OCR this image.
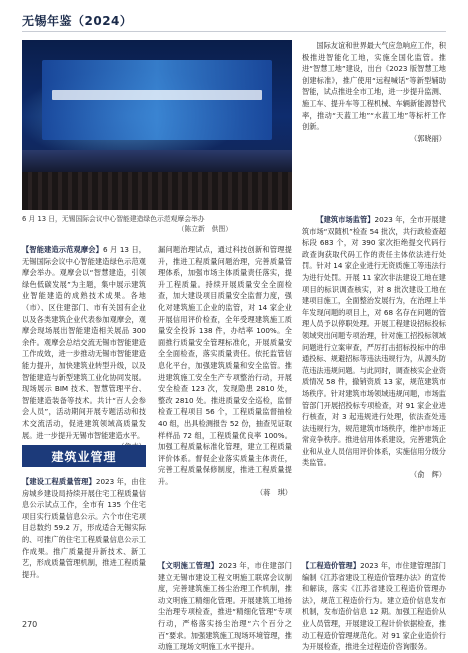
无锡年鉴（2024）
6 月 13 日，无锡国际会议中心智能建造绿色示范观摩会举办
（陈立新　供图）

国际友谊和世界最大气应急响应工作，积极推进智能化工地，实施全国化监管。推进“智慧工地”建设，出台《2023 版智慧工地创建标准》，推广使用“远程喊话”等新型辅助智能，试点推进全市工地，进一步提升监测、施工车、提升车等工程机械、车辆新能源替代率，推动“天蓝工地”“水蓝工地”等标杆工作创新。

（郭晓丽）

【建筑市场监管】2023 年，全市开展建筑市场“双随机”检查 54 批次，共行政检查超标段 683 个，对 390 家次拒绝提交代码行政查询获取代码工作的责任主体依法进行处罚。针对 14 家企业进行无资质施工等违法行为进行处罚。开展 11 家次非法建设工地在建项目的标识调查核实，对 8 批次建设工地在建项目施工，全面整治发展行为，在治理上半年发现问题的项目上，对 68 名存在问题的管理人员予以停职处理。开展工程建设招标投标领域突出问题专项治理，针对施工招投标领域问题进行立案审查，严厉打击招标投标中的串通投标、规避招标等违法违规行为，从源头防范违法违规问题。与此同时，调查核实企业资质情况 58 件，撤销资质 13 家，规范建筑市场秩序。针对建筑市场领域违规问题，市场监管部门开展招投标专项检查，对 91 家企业进行核查，对 3 起违规进行处理，依法查处违法违规行为，规范建筑市场秩序，维护市场正常竞争秩序。推进信用体系建设，完善建筑企业和从业人员信用评价体系，实施信用分级分类监管。

（俞　辉）

【智能建造示范观摩会】6 月 13 日，无锡国际会议中心智能建造绿色示范观摩会举办。观摩会以“智慧建造，引领绿色低碳发展”为主题，集中展示建筑业智能建造的成熟技术成果。各地（市）、区住建部门、市有关国有企业以及各类建筑企业代表参加观摩会，观摩会现场展出智能建造相关展品 300 余件。观摩会总结交流无锡市智能建造工作成效，进一步推动无锡市智能建造能力提升，加快建筑业转型升级，以及智能建造与新型建筑工业化协同发展。现场展示 BIM 技术、智慧管理平台、智能建造装备等技术。共计“百人会参会人员”，活动期间开展专题活动和技术交流活动，促进建筑领域高质量发展。进一步提升无锡市智能建造水平。

漏问题治理试点，通过科技创新和管理提升，推进工程质量问题治理，完善质量管理体系，加强市场主体质量责任落实，提升工程质量。持续开展质量安全全面检查，加大建设项目质量安全监督力度，强化对建筑施工企业的监管，对 14 家企业开展信用评价检查，全年受理建筑施工质量安全投诉 138 件，办结率 100%。全面推行质量安全管理标准化，开展质量安全全面检查，落实质量责任。依托监管信息化平台，加强建筑质量和安全监管。推进建筑施工安全生产专项整治行动，开展安全检查 123 次，发现隐患 2810 处，整改 2810 处。推进质量安全巡检，监督检查工程项目 56 个，工程质量监督抽检 40 组，出具检测报告 52 份，抽查见证取样样品 72 组，工程质量优良率 100%。加强工程质量标准化管理，建立工程质量评价体系。督促企业落实质量主体责任，完善工程质量保修制度，推进工程质量提升。

（蒋　琪）

建筑业管理

【建设工程质量管理】2023 年，由住房城乡建设局持续开展住宅工程质量信息公示试点工作，全市有 135 个住宅项目实行质量信息公示。六个市住宅项目总数约 59.2 万，形成适合无锡实际的、可推广的住宅工程质量信息公示工作成果。推广质量提升新技术、新工艺，形成质量管理机制，推进工程质量提升。

【文明施工管理】2023 年，市住建部门建立无锡市建设工程文明施工联席会议制度，完善建筑施工扬尘治理工作机制，推动文明施工精细化管理。开展建筑工地扬尘治理专项检查，推进“精细化管理”专项行动，严格落实扬尘治理“六个百分之百”要求。加强建筑施工现场环境管理，推动施工现场文明施工水平提升。

【工程造价管理】2023 年，市住建管理部门编制《江苏省建设工程造价管理办法》的宣传和解读，落实《江苏省建设工程造价管理办法》，规范工程造价行为。建立造价信息发布机制，发布造价信息 12 期。加强工程造价从业人员管理，开展建设工程计价依据检查，推动工程造价管理规范化。对 91 家企业造价行为开展检查，推进全过程造价咨询服务。

270
